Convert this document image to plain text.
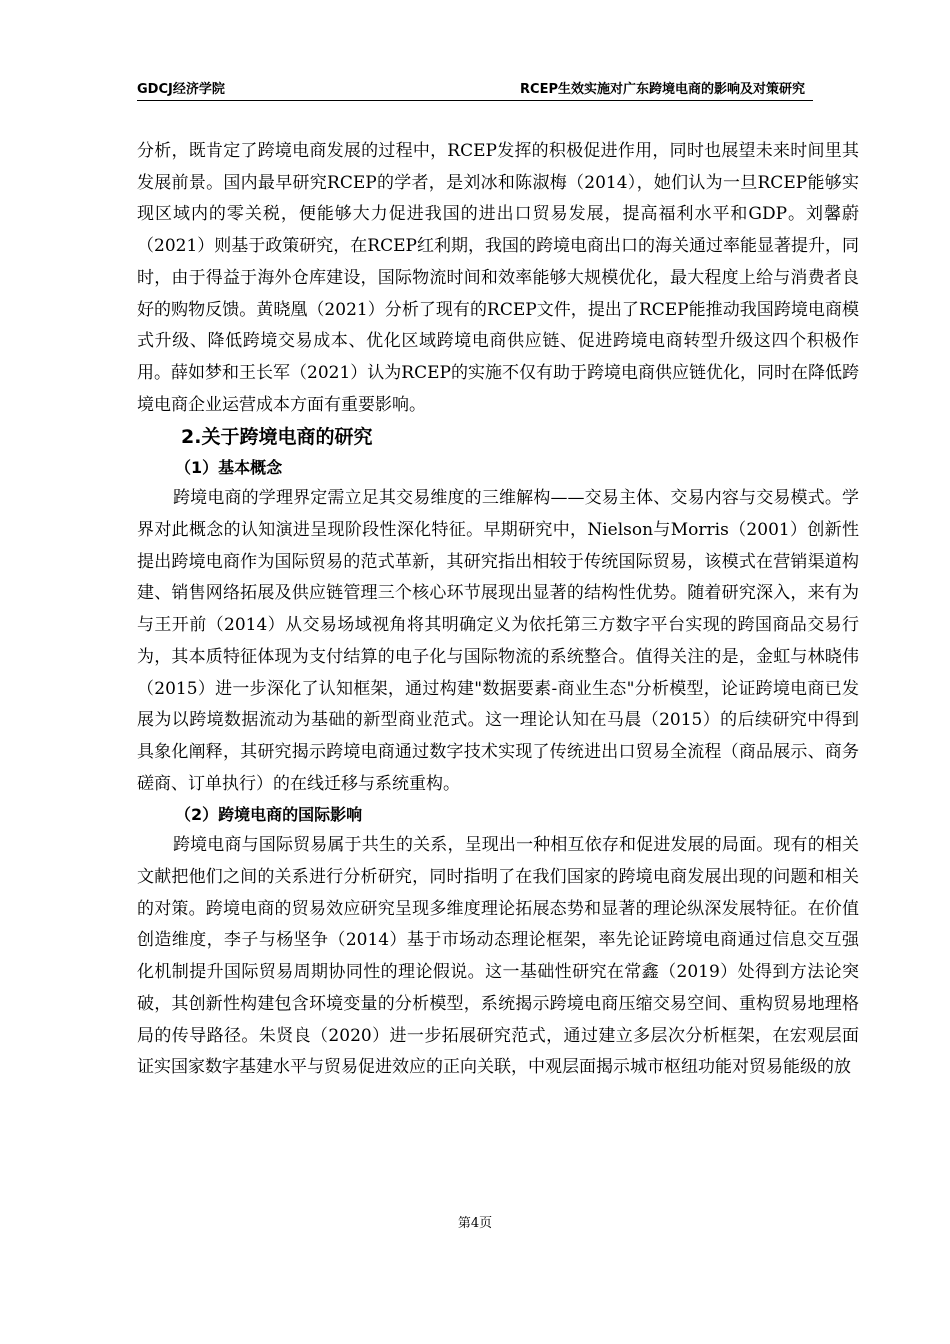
GDCJ经济学院	RCEP生效实施对广东跨境电商的影响及对策研究

分析，既肯定了跨境电商发展的过程中，RCEP发挥的积极促进作用，同时也展望未来时间里其发展前景。国内最早研究RCEP的学者，是刘冰和陈淑梅（2014），她们认为一旦RCEP能够实现区域内的零关税，便能够大力促进我国的进出口贸易发展，提高福利水平和GDP。刘馨蔚（2021）则基于政策研究，在RCEP红利期，我国的跨境电商出口的海关通过率能显著提升，同时，由于得益于海外仓库建设，国际物流时间和效率能够大规模优化，最大程度上给与消费者良好的购物反馈。黄晓凰（2021）分析了现有的RCEP文件，提出了RCEP能推动我国跨境电商模式升级、降低跨境交易成本、优化区域跨境电商供应链、促进跨境电商转型升级这四个积极作用。薛如梦和王长军（2021）认为RCEP的实施不仅有助于跨境电商供应链优化，同时在降低跨境电商企业运营成本方面有重要影响。

2.关于跨境电商的研究

（1）基本概念

跨境电商的学理界定需立足其交易维度的三维解构——交易主体、交易内容与交易模式。学界对此概念的认知演进呈现阶段性深化特征。早期研究中，Nielson与Morris（2001）创新性提出跨境电商作为国际贸易的范式革新，其研究指出相较于传统国际贸易，该模式在营销渠道构建、销售网络拓展及供应链管理三个核心环节展现出显著的结构性优势。随着研究深入，来有为与王开前（2014）从交易场域视角将其明确定义为依托第三方数字平台实现的跨国商品交易行为，其本质特征体现为支付结算的电子化与国际物流的系统整合。值得关注的是，金虹与林晓伟（2015）进一步深化了认知框架，通过构建"数据要素-商业生态"分析模型，论证跨境电商已发展为以跨境数据流动为基础的新型商业范式。这一理论认知在马晨（2015）的后续研究中得到具象化阐释，其研究揭示跨境电商通过数字技术实现了传统进出口贸易全流程（商品展示、商务磋商、订单执行）的在线迁移与系统重构。

（2）跨境电商的国际影响

跨境电商与国际贸易属于共生的关系，呈现出一种相互依存和促进发展的局面。现有的相关文献把他们之间的关系进行分析研究，同时指明了在我们国家的跨境电商发展出现的问题和相关的对策。跨境电商的贸易效应研究呈现多维度理论拓展态势和显著的理论纵深发展特征。在价值创造维度，李子与杨坚争（2014）基于市场动态理论框架，率先论证跨境电商通过信息交互强化机制提升国际贸易周期协同性的理论假说。这一基础性研究在常鑫（2019）处得到方法论突破，其创新性构建包含环境变量的分析模型，系统揭示跨境电商压缩交易空间、重构贸易地理格局的传导路径。朱贤良（2020）进一步拓展研究范式，通过建立多层次分析框架，在宏观层面证实国家数字基建水平与贸易促进效应的正向关联，中观层面揭示城市枢纽功能对贸易能级的放

第4页
